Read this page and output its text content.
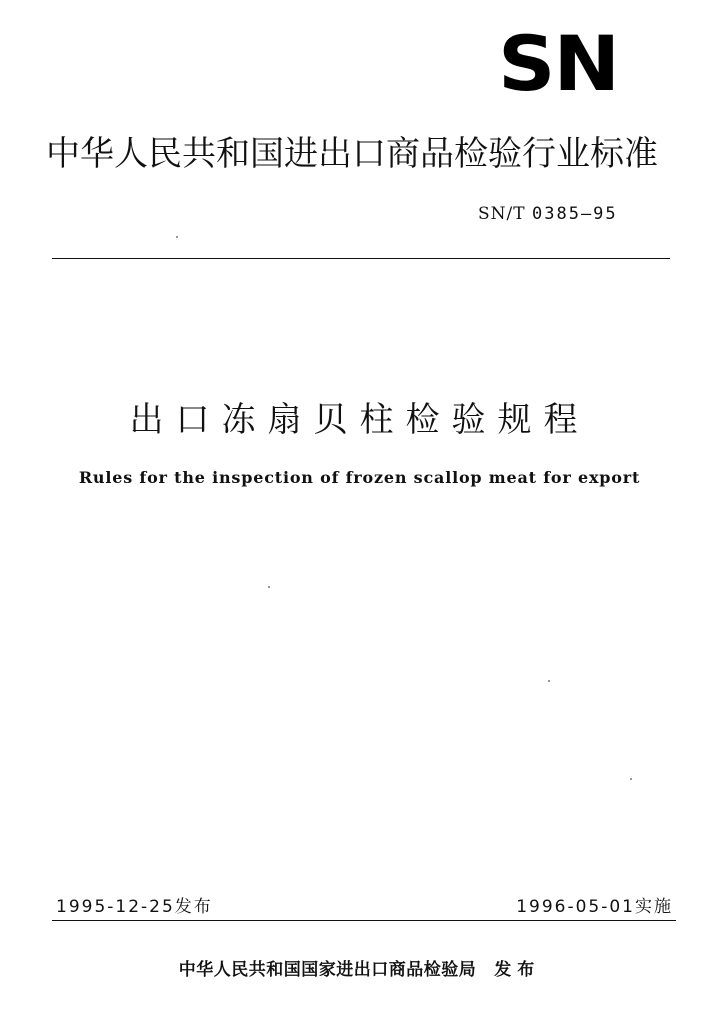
SN
中华人民共和国进出口商品检验行业标准
SN/T 0385—95
出口冻扇贝柱检验规程
Rules for the inspection of frozen scallop meat for export
1995-12-25发布	1996-05-01实施
中华人民共和国国家进出口商品检验局 发布
